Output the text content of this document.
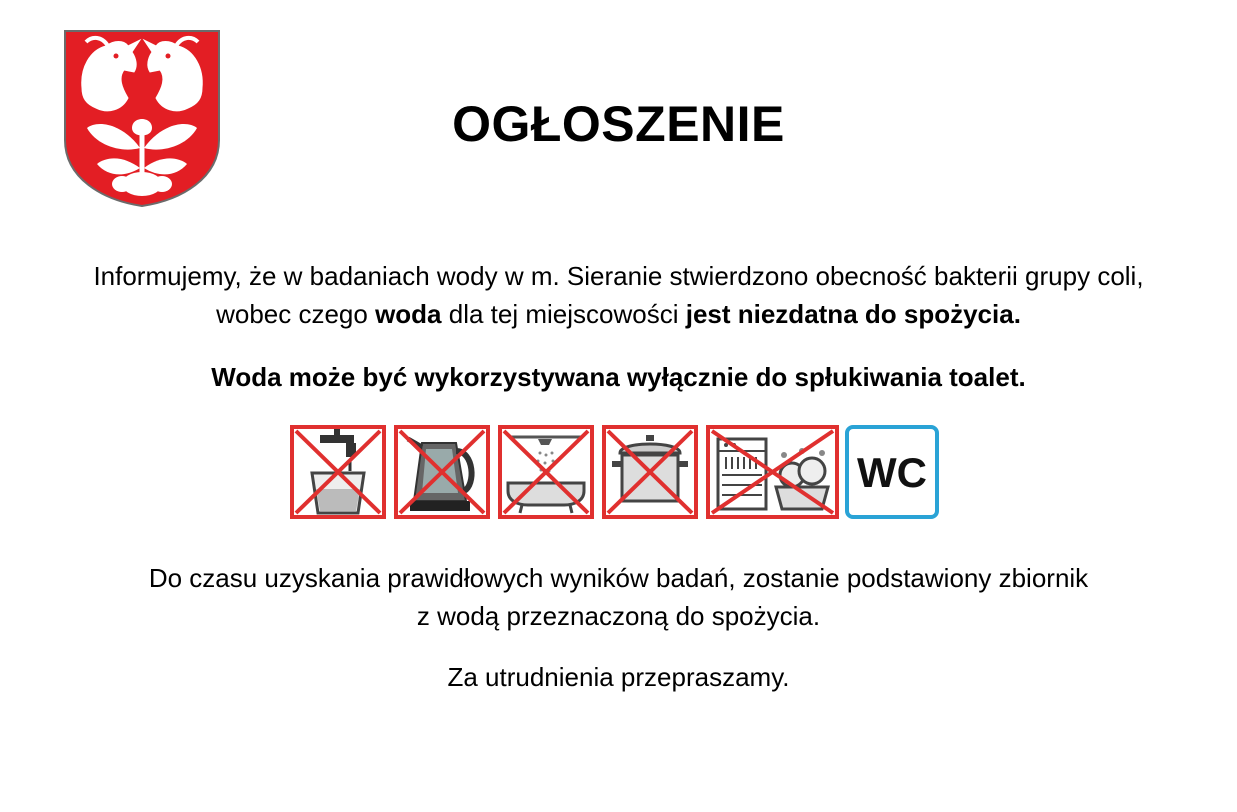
OGŁOSZENIE
Informujemy, że w badaniach wody w m. Sieranie stwierdzono obecność bakterii grupy coli, wobec czego woda dla tej miejscowości jest niezdatna do spożycia.
Woda może być wykorzystywana wyłącznie do spłukiwania toalet.
WC
Do czasu uzyskania prawidłowych wyników badań, zostanie podstawiony zbiornik
z wodą przeznaczoną do spożycia.
Za utrudnienia przepraszamy.
